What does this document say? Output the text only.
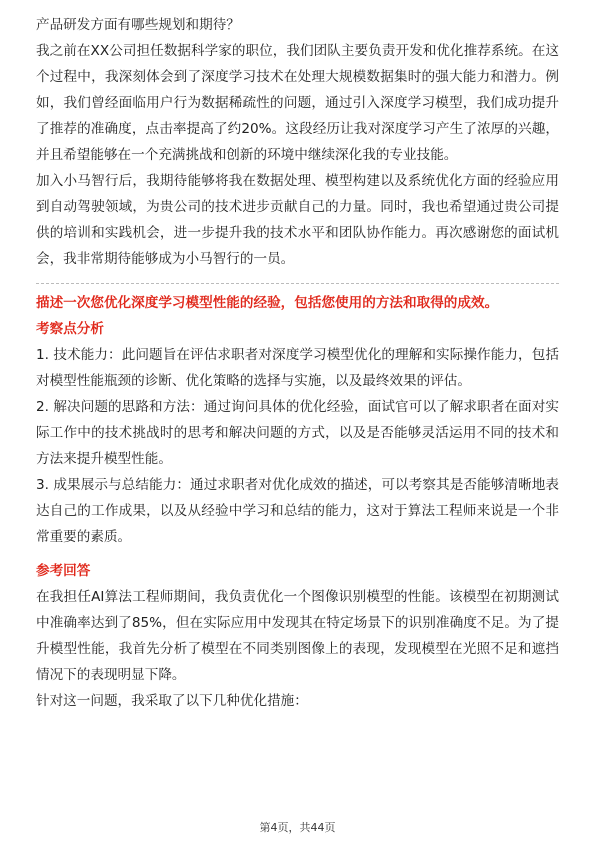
产品研发方面有哪些规划和期待？

我之前在XX公司担任数据科学家的职位，我们团队主要负责开发和优化推荐系统。在这个过程中，我深刻体会到了深度学习技术在处理大规模数据集时的强大能力和潜力。例如，我们曾经面临用户行为数据稀疏性的问题，通过引入深度学习模型，我们成功提升了推荐的准确度，点击率提高了约20%。这段经历让我对深度学习产生了浓厚的兴趣，并且希望能够在一个充满挑战和创新的环境中继续深化我的专业技能。

加入小马智行后，我期待能够将我在数据处理、模型构建以及系统优化方面的经验应用到自动驾驶领域，为贵公司的技术进步贡献自己的力量。同时，我也希望通过贵公司提供的培训和实践机会，进一步提升我的技术水平和团队协作能力。再次感谢您的面试机会，我非常期待能够成为小马智行的一员。

描述一次您优化深度学习模型性能的经验，包括您使用的方法和取得的成效。

考察点分析

1. 技术能力：此问题旨在评估求职者对深度学习模型优化的理解和实际操作能力，包括对模型性能瓶颈的诊断、优化策略的选择与实施，以及最终效果的评估。

2. 解决问题的思路和方法：通过询问具体的优化经验，面试官可以了解求职者在面对实际工作中的技术挑战时的思考和解决问题的方式，以及是否能够灵活运用不同的技术和方法来提升模型性能。

3. 成果展示与总结能力：通过求职者对优化成效的描述，可以考察其是否能够清晰地表达自己的工作成果，以及从经验中学习和总结的能力，这对于算法工程师来说是一个非常重要的素质。

参考回答

在我担任AI算法工程师期间，我负责优化一个图像识别模型的性能。该模型在初期测试中准确率达到了85%，但在实际应用中发现其在特定场景下的识别准确度不足。为了提升模型性能，我首先分析了模型在不同类别图像上的表现，发现模型在光照不足和遮挡情况下的表现明显下降。

针对这一问题，我采取了以下几种优化措施：

第4页，共44页
